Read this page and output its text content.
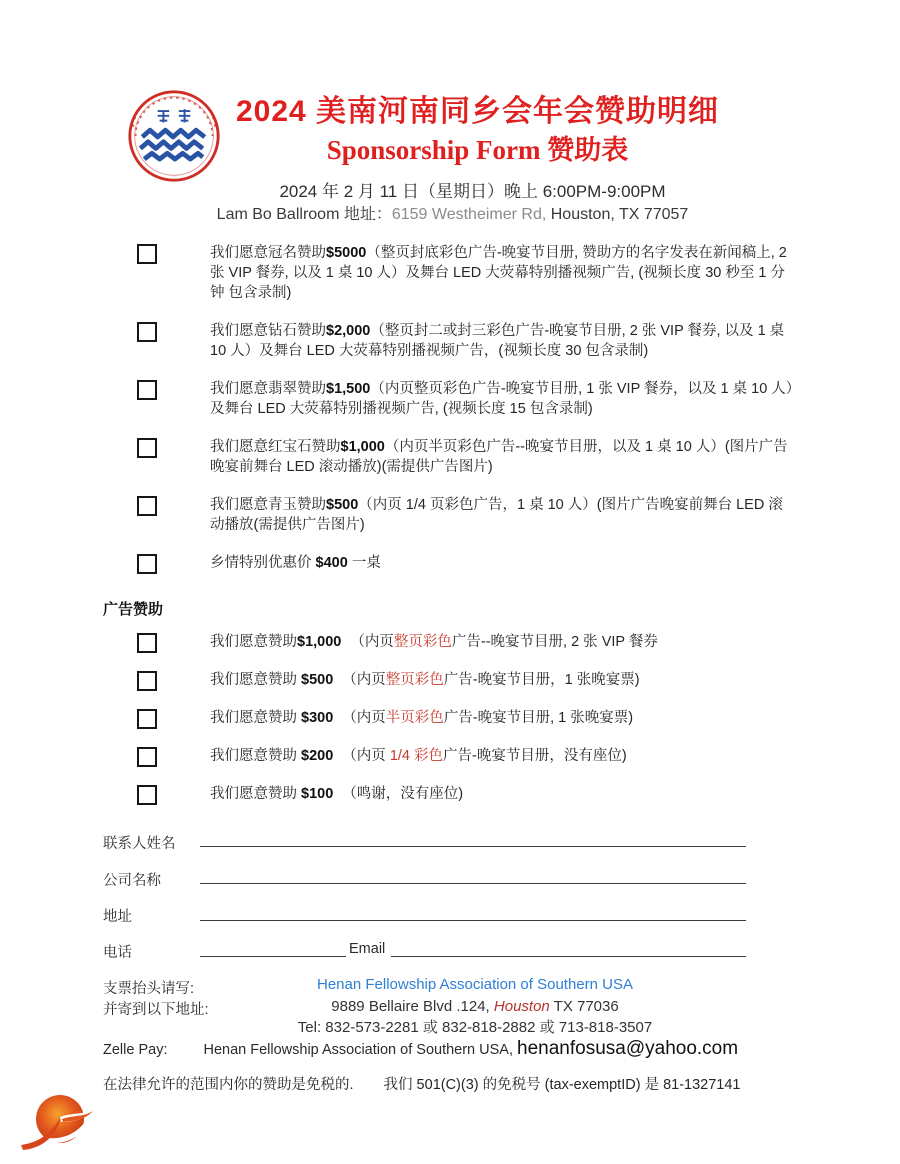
2024 美南河南同乡会年会赞助明细
Sponsorship Form 赞助表
2024 年 2 月 11 日（星期日）晚上 6:00PM-9:00PM
Lam Bo Ballroom 地址：6159 Westheimer Rd, Houston, TX 77057
我们愿意冠名赞助$5000（整页封底彩色广告-晚宴节目册, 赞助方的名字发表在新闻稿上, 2 张 VIP 餐券, 以及 1 桌 10 人）及舞台 LED 大荧幕特别播视频广告, (视频长度 30 秒至 1 分钟 包含录制)
我们愿意钻石赞助$2,000（整页封二或封三彩色广告-晚宴节目册, 2 张 VIP 餐券, 以及 1 桌 10 人）及舞台 LED 大荧幕特别播视频广告，(视频长度 30 包含录制)
我们愿意翡翠赞助$1,500（内页整页彩色广告-晚宴节目册, 1 张 VIP 餐券，以及 1 桌 10 人）及舞台 LED 大荧幕特别播视频广告, (视频长度 15 包含录制)
我们愿意红宝石赞助$1,000（内页半页彩色广告--晚宴节目册，以及 1 桌 10 人）(图片广告晚宴前舞台 LED 滚动播放)(需提供广告图片)
我们愿意青玉赞助$500（内页 1/4 页彩色广告，1 桌 10 人）(图片广告晚宴前舞台 LED 滚动播放(需提供广告图片)
乡情特别优惠价 $400 一桌
广告赞助
我们愿意赞助$1,000 （内页整页彩色广告--晚宴节目册, 2 张 VIP 餐券
我们愿意赞助 $500 （内页整页彩色广告-晚宴节目册，1 张晚宴票)
我们愿意赞助 $300 （内页半页彩色广告-晚宴节目册, 1 张晚宴票)
我们愿意赞助 $200 （内页 1/4 彩色广告-晚宴节目册，没有座位)
我们愿意赞助 $100 （鸣谢，没有座位)
联系人姓名
公司名称
地址
电话	Email
支票抬头请写:	Henan Fellowship Association of Southern USA
并寄到以下地址:	9889 Bellaire Blvd .124, Houston TX 77036
Tel: 832-573-2281 或 832-818-2882 或 713-818-3507
Zelle Pay: Henan Fellowship Association of Southern USA, henanfosusa@yahoo.com
在法律允许的范围内你的赞助是免税的. 我们 501(C)(3) 的免税号 (tax-exemptID) 是 81-1327141
